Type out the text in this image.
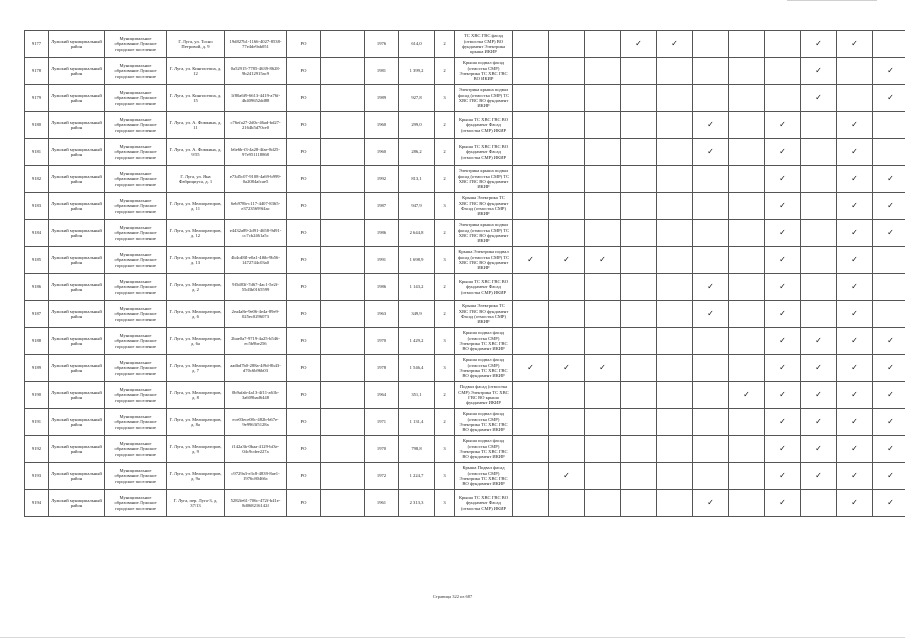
9177	Лужский муниципальный район	Муниципальное образование Лужское городское поселение	Г. Луга, ул. Тосно Петровой, д. 9	19d827b1-1166-4027-8538-77e4de9ab051	РО		1976	614,0	2	ТС ХВС ГВС фасад (отмостка СМР) ВО фундамент Электрика крыша ИКИР				✓	✓				✓	✓	
9178	Лужский муниципальный район	Муниципальное образование Лужское городское поселение	Г. Луга, ул. Кингисеппа, д. 12	0a52915-7785-4639-8628-9b2412915ac9	РО		1981	1 399,2	2	Крыша подвал фасад (отмостка СМР) Электрика ТС ХВС ГВС ВО ИКИР									✓		✓
9179	Лужский муниципальный район	Муниципальное образование Лужское городское поселение	Г. Луга, ул. Кингисеппа, д. 15	1f80a6f9-6613-4419-a76f-4b409652dd88	РО		1989	927,8	3	Электрика крыша подвал фасад (отмостка СМР) ТС ХВС ГВС ВО фундамент ИКИР									✓		✓
9180	Лужский муниципальный район	Муниципальное образование Лужское городское поселение	Г. Луга, ул. А. Фомкина, д. 11	c76efa27-2d0c-46ad-bd27-2164b5d70ce0	РО		1960	299,0	2	Крыша ТС ХВС ГВС ВО фундамент Фасад (отмостка СМР) ИКИР						✓		✓		✓	
9181	Лужский муниципальный район	Муниципальное образование Лужское городское поселение	Г. Луга, ул. А. Фомкина, д. 9/55	b6e6b-f3-4a28-4fae-8d25-97e951118868	РО		1960	286,2	2	Крыша ТС ХВС ГВС ВО фундамент Фасад (отмостка СМР) ИКИР						✓		✓		✓	
9182	Лужский муниципальный район	Муниципальное образование Лужское городское поселение	Г. Луга, ул. Яна Фабрициуса, д. 1	e73d5c07-9108-4a69-b999-0a2084afcae5	РО		1992	813,1	2	Электрика крыша подвал фасад (отмостка СМР) ТС ХВС ГВС ВО фундамент ИКИР								✓		✓	✓
9183	Лужский муниципальный район	Муниципальное образование Лужское городское поселение	Г. Луга, ул. Мелиораторов, д. 11	6eb978b-c117-4407-8365-e37235699f4ac	РО		1987	947,9	3	Крыша Электрика ТС ХВС ГВС ВО фундамент Фасад (отмостка СМР) ИКИР								✓		✓	✓
9184	Лужский муниципальный район	Муниципальное образование Лужское городское поселение	Г. Луга, ул. Мелиораторов, д. 12	e4432a89-2d91-4658-9d91-cc7cb2461a5c	РО		1986	2 644,8	2	Электрика крыша подвал фасад (отмостка СМР) ТС ХВС ГВС ВО фундамент ИКИР								✓		✓	✓
9185	Лужский муниципальный район	Муниципальное образование Лужское городское поселение	Г. Луга, ул. Мелиораторов, д. 13	4b4cd8fl-e0a1-4f6b-9b56-1472744c03a0	РО		1991	1 698,9	3	Крыша Электрика подвал фасад (отмостка СМР) ТС ХВС ГВС ВО фундамент ИКИР	✓	✓	✓					✓		✓	
9186	Лужский муниципальный район	Муниципальное образование Лужское городское поселение	Г. Луга, ул. Мелиораторов, д. 2	9f5d83f-7d67-4ac1-5e2f-55d3b0165599	РО		1986	1 143,2	2	Крыша ТС ХВС ГВС ВО фундамент Фасад (отмостка СМР) ИКИР						✓		✓		✓	
9187	Лужский муниципальный район	Муниципальное образование Лужское городское поселение	Г. Луга, ул. Мелиораторов, д. 6	2ea4a8e-9e06-4e4a-89e9-025ec0296073	РО		1963	349,9	2	Крыша Электрика ТС ХВС ГВС ВО фундамент Фасад (отмостка СМР) ИКИР						✓		✓		✓	
9188	Лужский муниципальный район	Муниципальное образование Лужское городское поселение	Г. Луга, ул. Мелиораторов, д. 6а	2bae0a7-9719-4a25-b546-ec5b9be256	РО		1970	1 429,2	3	Крыша подвал фасад (отмостка СМР) Электрика ТС ХВС ГВС ВО фундамент ИКИР								✓	✓	✓	✓
9189	Лужский муниципальный район	Муниципальное образование Лужское городское поселение	Г. Луга, ул. Мелиораторов, д. 7	aadbd7b0-288a-4f9d-8b43-d70c6b96b03	РО		1978	1 546,4	3	Крыша подвал фасад (отмостка СМР) Электрика ТС ХВС ГВС ВО фундамент ИКИР	✓	✓	✓					✓	✓	✓	✓
9190	Лужский муниципальный район	Муниципальное образование Лужское городское поселение	Г. Луга, ул. Мелиораторов, д. 8	0b9afab-4a13-4f11-a61b-3a609bad6448	РО		1964	351,1	2	Подвал фасад (отмостка СМР) Электрика ТС ХВС ГВС ВО крыша фундамент ИКИР							✓	✓	✓	✓	✓
9191	Лужский муниципальный район	Муниципальное образование Лужское городское поселение	Г. Луга, ул. Мелиораторов, д. 8а	ece03ece08c-482b-b67e-9e9963f5128a	РО		1971	1 131,4	2	Крыша подвал фасад (отмостка СМР) Электрика ТС ХВС ГВС ВО фундамент ИКИР								✓	✓	✓	✓
9192	Лужский муниципальный район	Муниципальное образование Лужское городское поселение	Г. Луга, ул. Мелиораторов, д. 9	f142a3b-0baa-4129-bf3e-04c9cdee227a	РО		1970	798,8	3	Крыша подвал фасад (отмостка СМР) Электрика ТС ХВС ГВС ВО фундамент ИКИР								✓	✓	✓	✓
9193	Лужский муниципальный район	Муниципальное образование Лужское городское поселение	Г. Луга, ул. Мелиораторов, д. 9а	c9729a3-e3c8-4839-8ae1-1976c80466c	РО		1972	1 224,7	3	Крыша Подвал фасад (отмостка СМР) Электрика ТС ХВС ГВС ВО фундамент ИКИР		✓						✓	✓	✓	✓
9194	Лужский муниципальный район	Муниципальное образование Лужское городское поселение	Г. Луга, пер. Луга-3, д. 37/13	5282fe61-706c-472f-b41e-8d068216142f	РО		1961	2 313,3	3	Крыша ТС ХВС ГВС ВО фундамент Фасад (отмостка СМР) ИКИР						✓		✓		✓	✓
Страница 322 из 687
